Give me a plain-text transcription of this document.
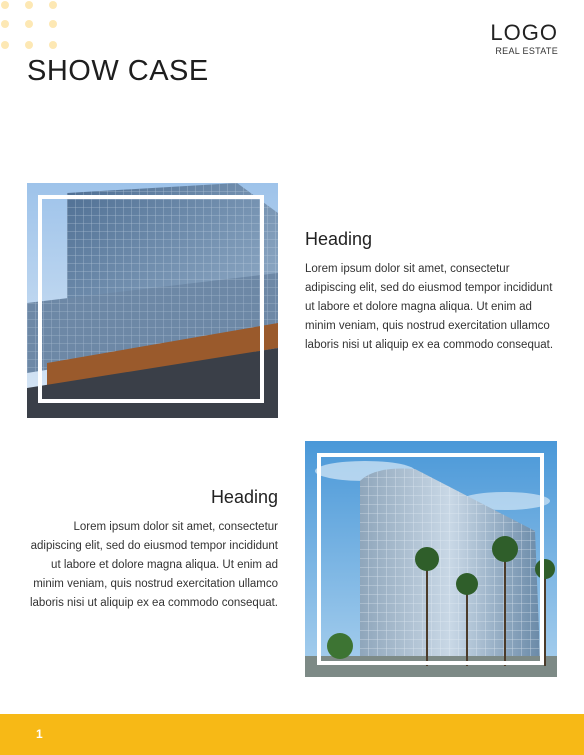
LOGO
REAL ESTATE
SHOW CASE
Heading

Lorem ipsum dolor sit amet, consectetur adipiscing elit, sed do eiusmod tempor incididunt ut labore et dolore magna aliqua. Ut enim ad minim veniam, quis nostrud exercitation ullamco laboris nisi ut aliquip ex ea commodo consequat.

Heading

Lorem ipsum dolor sit amet, consectetur adipiscing elit, sed do eiusmod tempor incididunt ut labore et dolore magna aliqua. Ut enim ad minim veniam, quis nostrud exercitation ullamco laboris nisi ut aliquip ex ea commodo consequat.

1
